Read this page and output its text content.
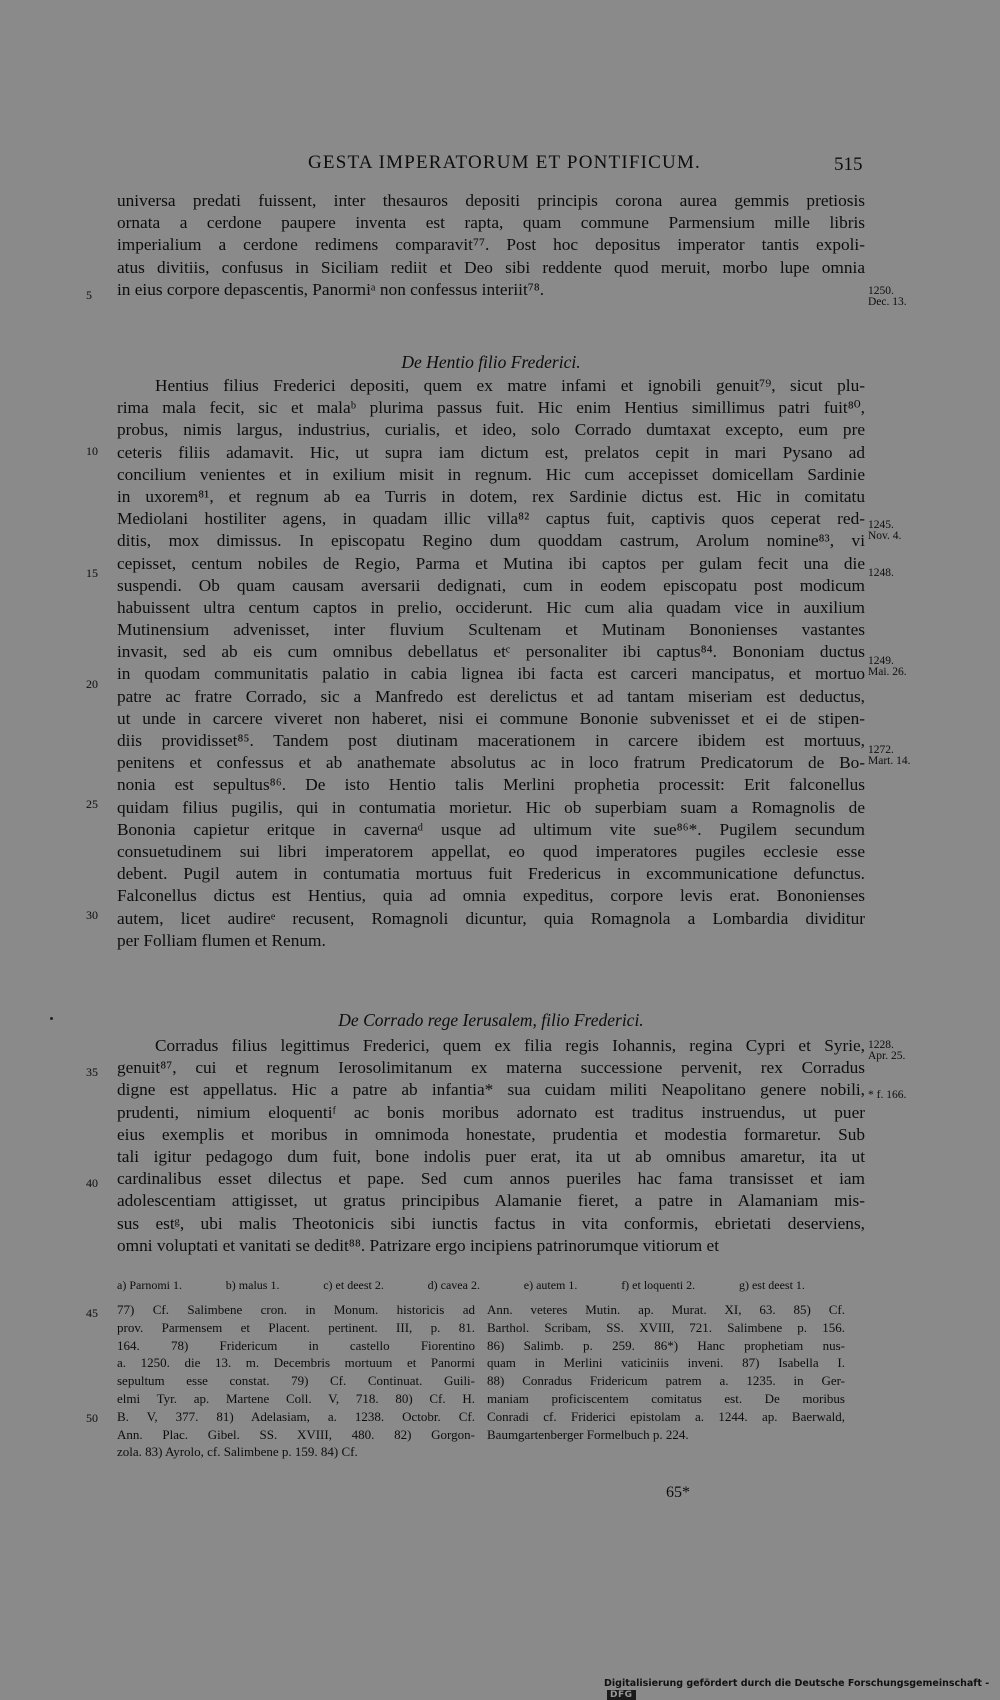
GESTA IMPERATORUM ET PONTIFICUM.	515
universa predati fuissent, inter thesauros depositi principis corona aurea gemmis pretiosis
ornata a cerdone paupere inventa est rapta, quam commune Parmensium mille libris
imperialium a cerdone redimens comparavit⁷⁷. Post hoc depositus imperator tantis expoli-
atus divitiis, confusus in Siciliam rediit et Deo sibi reddente quod meruit, morbo lupe omnia
in eius corpore depascentis, Panormiᵃ non confessus interiit⁷⁸.
De Hentio filio Frederici.
Hentius filius Frederici depositi, quem ex matre infami et ignobili genuit⁷⁹, sicut plu-
rima mala fecit, sic et malaᵇ plurima passus fuit. Hic enim Hentius simillimus patri fuit⁸⁰,
probus, nimis largus, industrius, curialis, et ideo, solo Corrado dumtaxat excepto, eum pre
ceteris filiis adamavit. Hic, ut supra iam dictum est, prelatos cepit in mari Pysano ad
concilium venientes et in exilium misit in regnum. Hic cum accepisset domicellam Sardinie
in uxorem⁸¹, et regnum ab ea Turris in dotem, rex Sardinie dictus est. Hic in comitatu
Mediolani hostiliter agens, in quadam illic villa⁸² captus fuit, captivis quos ceperat red-
ditis, mox dimissus. In episcopatu Regino dum quoddam castrum, Arolum nomine⁸³, vi
cepisset, centum nobiles de Regio, Parma et Mutina ibi captos per gulam fecit una die
suspendi. Ob quam causam aversarii dedignati, cum in eodem episcopatu post modicum
habuissent ultra centum captos in prelio, occiderunt. Hic cum alia quadam vice in auxilium
Mutinensium advenisset, inter fluvium Scultenam et Mutinam Bononienses vastantes
invasit, sed ab eis cum omnibus debellatus etᶜ personaliter ibi captus⁸⁴. Bononiam ductus
in quodam communitatis palatio in cabia lignea ibi facta est carceri mancipatus, et mortuo
patre ac fratre Corrado, sic a Manfredo est derelictus et ad tantam miseriam est deductus,
ut unde in carcere viveret non haberet, nisi ei commune Bononie subvenisset et ei de stipen-
diis providisset⁸⁵. Tandem post diutinam macerationem in carcere ibidem est mortuus,
penitens et confessus et ab anathemate absolutus ac in loco fratrum Predicatorum de Bo-
nonia est sepultus⁸⁶. De isto Hentio talis Merlini prophetia processit: Erit falconellus
quidam filius pugilis, qui in contumatia morietur. Hic ob superbiam suam a Romagnolis de
Bononia capietur eritque in cavernaᵈ usque ad ultimum vite sue⁸⁶*. Pugilem secundum
consuetudinem sui libri imperatorem appellat, eo quod imperatores pugiles ecclesie esse
debent. Pugil autem in contumatia mortuus fuit Fredericus in excommunicatione defunctus.
Falconellus dictus est Hentius, quia ad omnia expeditus, corpore levis erat. Bononienses
autem, licet audireᵉ recusent, Romagnoli dicuntur, quia Romagnola a Lombardia dividitur
per Folliam flumen et Renum.
De Corrado rege Ierusalem, filio Frederici.
Corradus filius legittimus Frederici, quem ex filia regis Iohannis, regina Cypri et Syrie,
genuit⁸⁷, cui et regnum Ierosolimitanum ex materna successione pervenit, rex Corradus
digne est appellatus. Hic a patre ab infantia* sua cuidam militi Neapolitano genere nobili,
prudenti, nimium eloquentiᶠ ac bonis moribus adornato est traditus instruendus, ut puer
eius exemplis et moribus in omnimoda honestate, prudentia et modestia formaretur. Sub
tali igitur pedagogo dum fuit, bone indolis puer erat, ita ut ab omnibus amaretur, ita ut
cardinalibus esset dilectus et pape. Sed cum annos pueriles hac fama transisset et iam
adolescentiam attigisset, ut gratus principibus Alamanie fieret, a patre in Alamaniam mis-
sus estᵍ, ubi malis Theotonicis sibi iunctis factus in vita conformis, ebrietati deserviens,
omni voluptati et vanitati se dedit⁸⁸. Patrizare ergo incipiens patrinorumque vitiorum et
5
10
15
20
25
30
35
40
45
50
1250.
Dec. 13.
1245.
Nov. 4.
1248.
1249.
Mai. 26.
1272.
Mart. 14.
1228.
Apr. 25.
* f. 166.
a) Parnomi 1.	b) malus 1.	c) et deest 2.	d) cavea 2.	e) autem 1.	f) et loquenti 2.	g) est deest 1.
77) Cf. Salimbene cron. in Monum. historicis ad
prov. Parmensem et Placent. pertinent. III, p. 81.
164. 78) Fridericum in castello Fiorentino
a. 1250. die 13. m. Decembris mortuum et Panormi
sepultum esse constat. 79) Cf. Continuat. Guili-
elmi Tyr. ap. Martene Coll. V, 718. 80) Cf. H.
B. V, 377. 81) Adelasiam, a. 1238. Octobr. Cf.
Ann. Plac. Gibel. SS. XVIII, 480. 82) Gorgon-
zola. 83) Ayrolo, cf. Salimbene p. 159. 84) Cf.
Ann. veteres Mutin. ap. Murat. XI, 63. 85) Cf.
Barthol. Scribam, SS. XVIII, 721. Salimbene p. 156.
86) Salimb. p. 259. 86*) Hanc prophetiam nus-
quam in Merlini vaticiniis inveni. 87) Isabella I.
88) Conradus Fridericum patrem a. 1235. in Ger-
maniam proficiscentem comitatus est. De moribus
Conradi cf. Friderici epistolam a. 1244. ap. Baerwald,
Baumgartenberger Formelbuch p. 224.
65*
Digitalisierung gefördert durch die Deutsche Forschungsgemeinschaft -DFG
